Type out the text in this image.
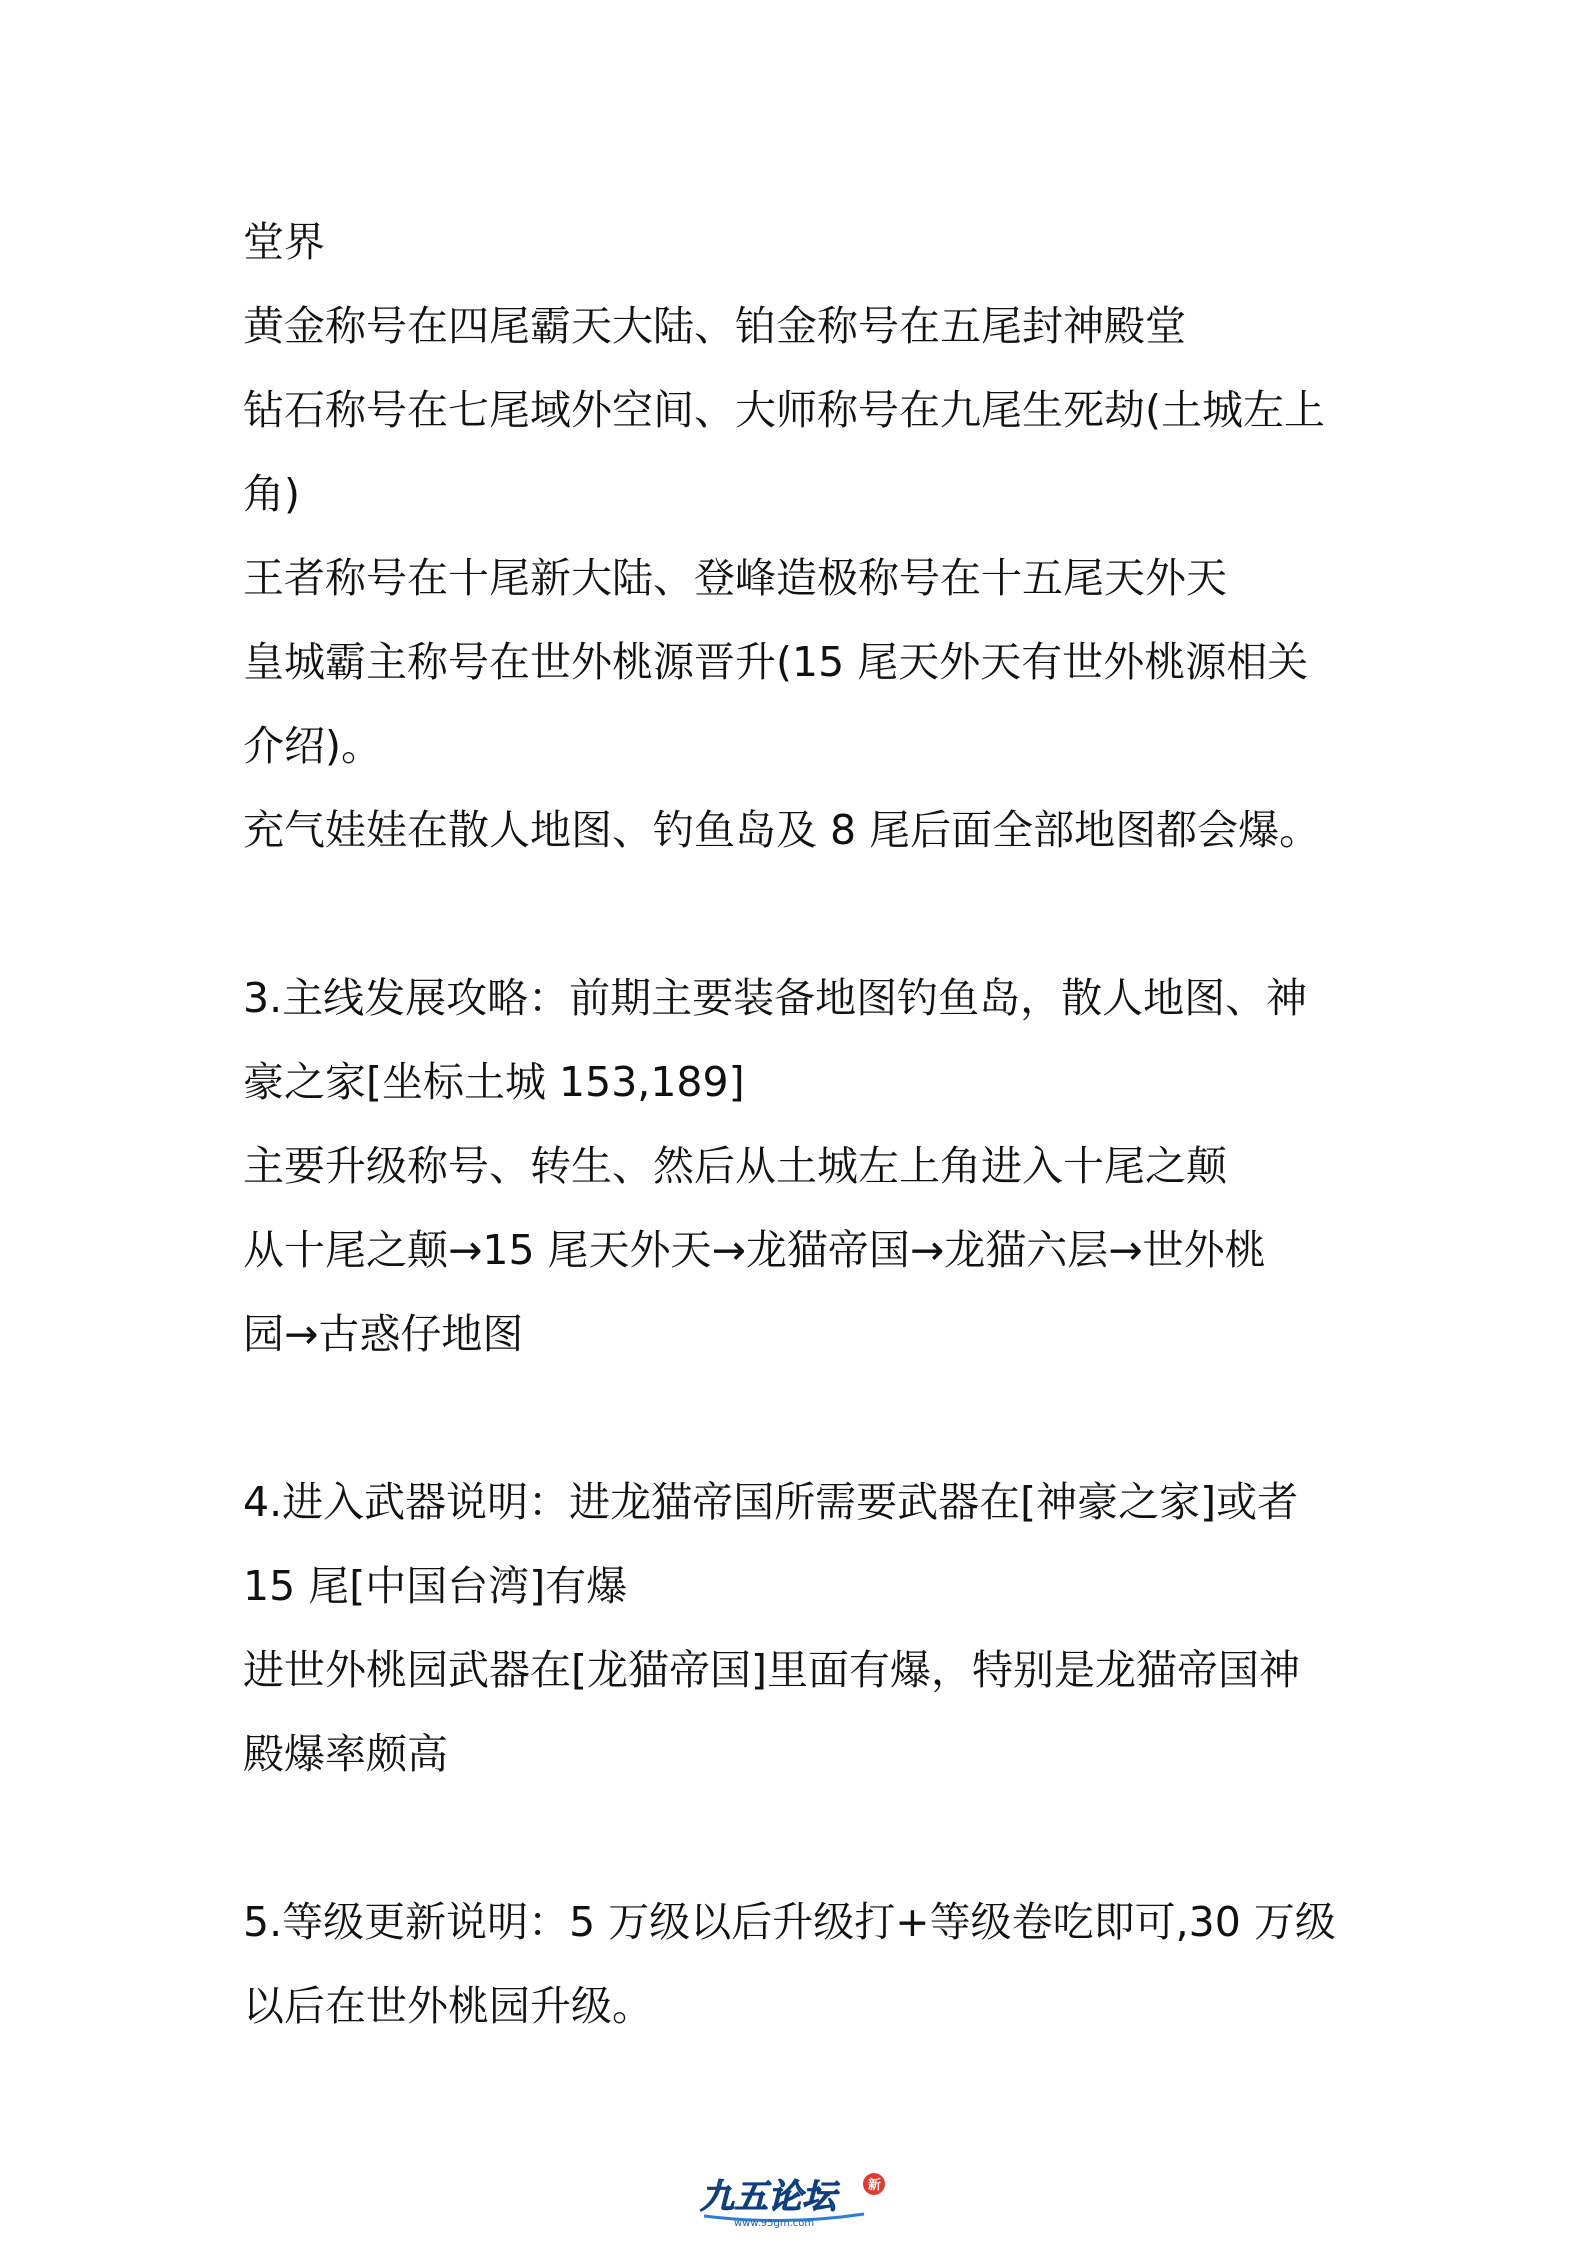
堂界
黄金称号在四尾霸天大陆、铂金称号在五尾封神殿堂
钻石称号在七尾域外空间、大师称号在九尾生死劫(土城左上
角)
王者称号在十尾新大陆、登峰造极称号在十五尾天外天
皇城霸主称号在世外桃源晋升(15 尾天外天有世外桃源相关
介绍)。
充气娃娃在散人地图、钓鱼岛及 8 尾后面全部地图都会爆。
3.主线发展攻略：前期主要装备地图钓鱼岛，散人地图、神
豪之家[坐标土城 153,189]
主要升级称号、转生、然后从土城左上角进入十尾之颠
从十尾之颠→15 尾天外天→龙猫帝国→龙猫六层→世外桃
园→古惑仔地图
4.进入武器说明：进龙猫帝国所需要武器在[神豪之家]或者
15 尾[中国台湾]有爆
进世外桃园武器在[龙猫帝国]里面有爆，特别是龙猫帝国神
殿爆率颇高
5.等级更新说明：5 万级以后升级打+等级卷吃即可,30 万级
以后在世外桃园升级。
九五论坛	新
www.95gm.com
